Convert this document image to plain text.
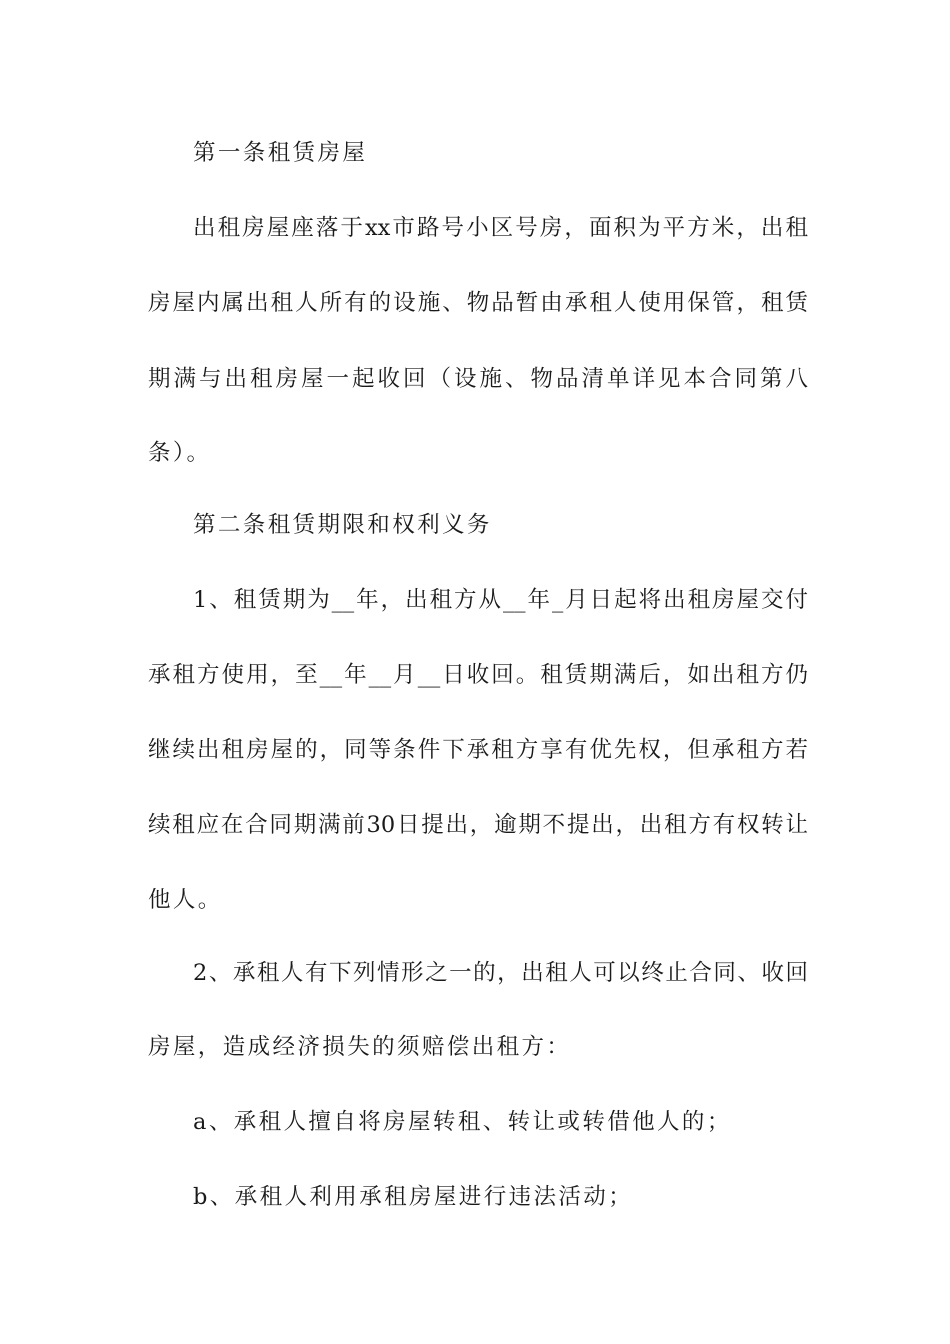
第一条租赁房屋
出租房屋座落于xx市路号小区号房，面积为平方米，出租
房屋内属出租人所有的设施、物品暂由承租人使用保管，租赁
期满与出租房屋一起收回（设施、物品清单详见本合同第八
条）。
第二条租赁期限和权利义务
1、租赁期为__年，出租方从__年_月日起将出租房屋交付
承租方使用，至__年__月__日收回。租赁期满后，如出租方仍
继续出租房屋的，同等条件下承租方享有优先权，但承租方若
续租应在合同期满前30日提出，逾期不提出，出租方有权转让
他人。
2、承租人有下列情形之一的，出租人可以终止合同、收回
房屋，造成经济损失的须赔偿出租方：
a、承租人擅自将房屋转租、转让或转借他人的；
b、承租人利用承租房屋进行违法活动；
